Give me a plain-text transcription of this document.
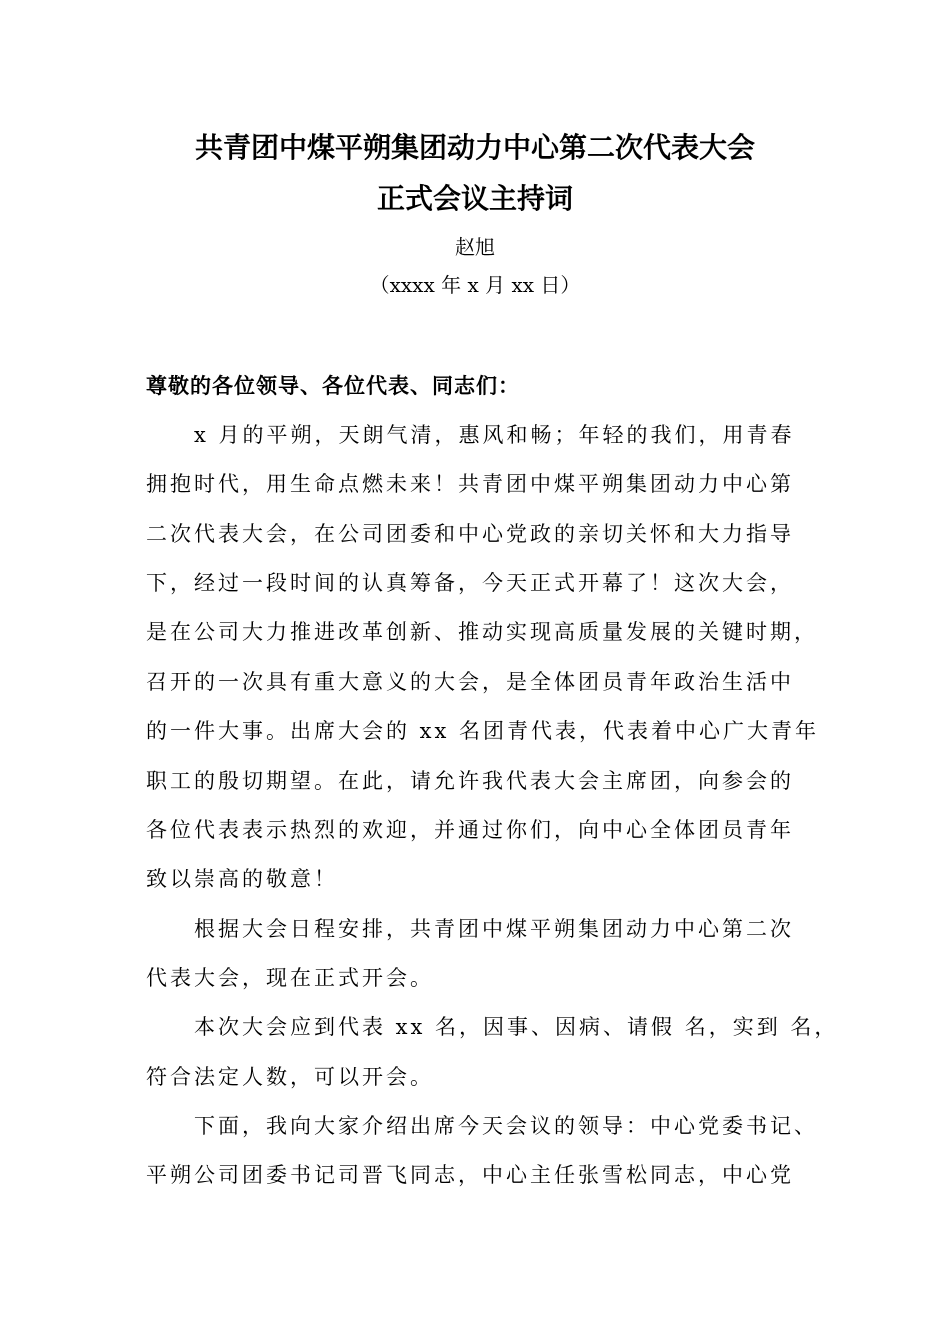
共青团中煤平朔集团动力中心第二次代表大会
正式会议主持词
赵旭
（xxxx 年 x 月 xx 日）
尊敬的各位领导、各位代表、同志们：
x 月的平朔，天朗气清，惠风和畅；年轻的我们，用青春
拥抱时代，用生命点燃未来！共青团中煤平朔集团动力中心第
二次代表大会，在公司团委和中心党政的亲切关怀和大力指导
下，经过一段时间的认真筹备，今天正式开幕了！这次大会，
是在公司大力推进改革创新、推动实现高质量发展的关键时期，
召开的一次具有重大意义的大会，是全体团员青年政治生活中
的一件大事。出席大会的 xx 名团青代表，代表着中心广大青年
职工的殷切期望。在此，请允许我代表大会主席团，向参会的
各位代表表示热烈的欢迎，并通过你们，向中心全体团员青年
致以崇高的敬意！
根据大会日程安排，共青团中煤平朔集团动力中心第二次
代表大会，现在正式开会。
本次大会应到代表 xx 名，因事、因病、请假 名，实到 名，
符合法定人数，可以开会。
下面，我向大家介绍出席今天会议的领导：中心党委书记、
平朔公司团委书记司晋飞同志，中心主任张雪松同志，中心党
